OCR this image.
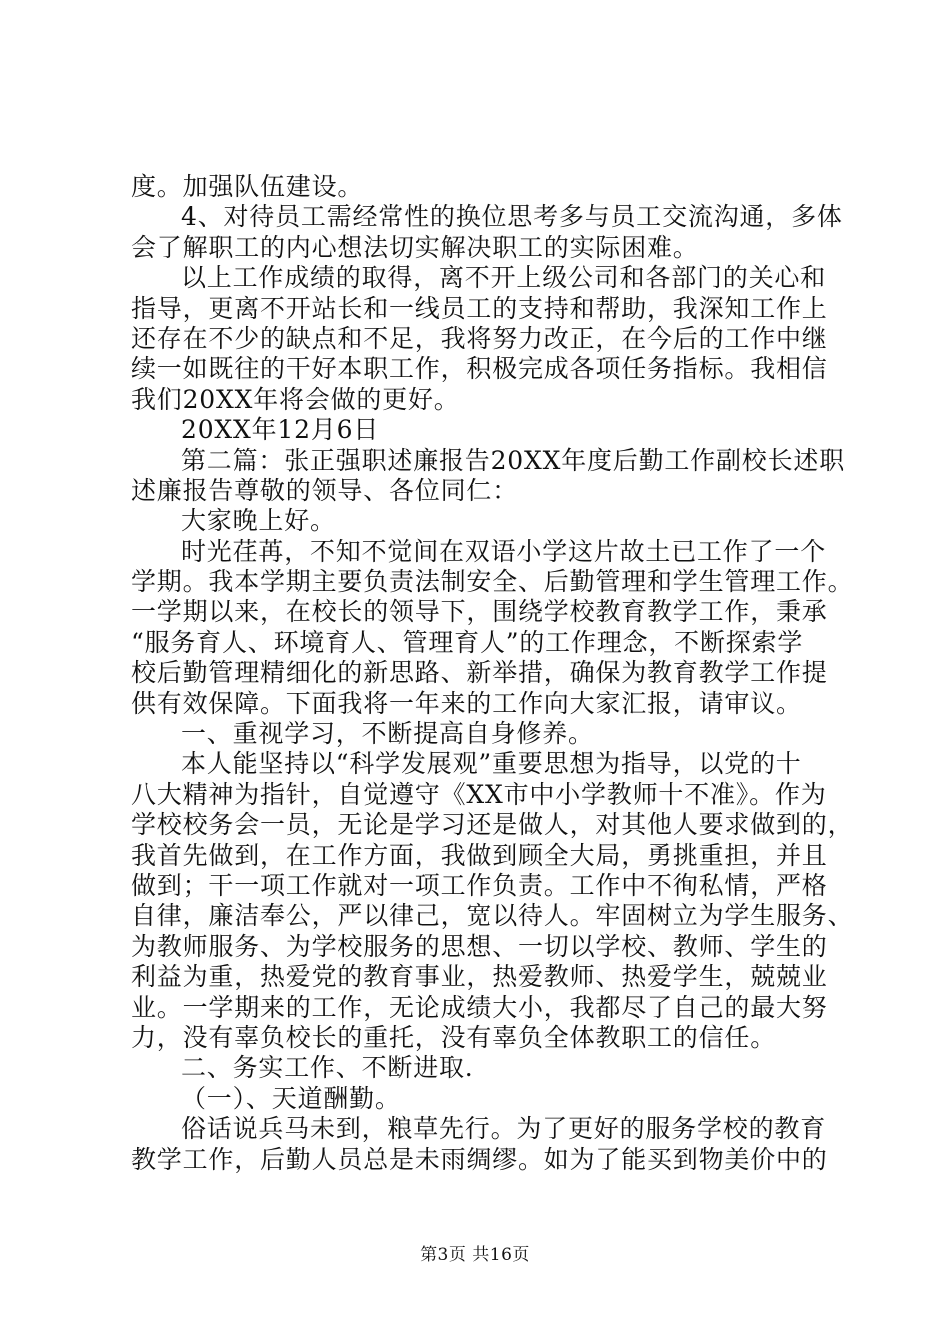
度。加强队伍建设。
4、对待员工需经常性的换位思考多与员工交流沟通，多体
会了解职工的内心想法切实解决职工的实际困难。
以上工作成绩的取得，离不开上级公司和各部门的关心和
指导，更离不开站长和一线员工的支持和帮助，我深知工作上
还存在不少的缺点和不足，我将努力改正，在今后的工作中继
续一如既往的干好本职工作，积极完成各项任务指标。我相信
我们20XX年将会做的更好。
20XX年12月6日
第二篇：张正强职述廉报告20XX年度后勤工作副校长述职
述廉报告尊敬的领导、各位同仁：
大家晚上好。
时光荏苒，不知不觉间在双语小学这片故土已工作了一个
学期。我本学期主要负责法制安全、后勤管理和学生管理工作。
一学期以来，在校长的领导下，围绕学校教育教学工作，秉承
“服务育人、环境育人、管理育人”的工作理念，不断探索学
校后勤管理精细化的新思路、新举措，确保为教育教学工作提
供有效保障。下面我将一年来的工作向大家汇报，请审议。
一、重视学习，不断提高自身修养。
本人能坚持以“科学发展观”重要思想为指导，以党的十
八大精神为指针，自觉遵守《XX市中小学教师十不准》。作为
学校校务会一员，无论是学习还是做人，对其他人要求做到的，
我首先做到，在工作方面，我做到顾全大局，勇挑重担，并且
做到；干一项工作就对一项工作负责。工作中不徇私情，严格
自律，廉洁奉公，严以律己，宽以待人。牢固树立为学生服务、
为教师服务、为学校服务的思想、一切以学校、教师、学生的
利益为重，热爱党的教育事业，热爱教师、热爱学生，兢兢业
业。一学期来的工作，无论成绩大小，我都尽了自己的最大努
力，没有辜负校长的重托，没有辜负全体教职工的信任。
二、务实工作、不断进取.
（一）、天道酬勤。
俗话说兵马未到，粮草先行。为了更好的服务学校的教育
教学工作，后勤人员总是未雨绸缪。如为了能买到物美价中的
第3页 共16页
